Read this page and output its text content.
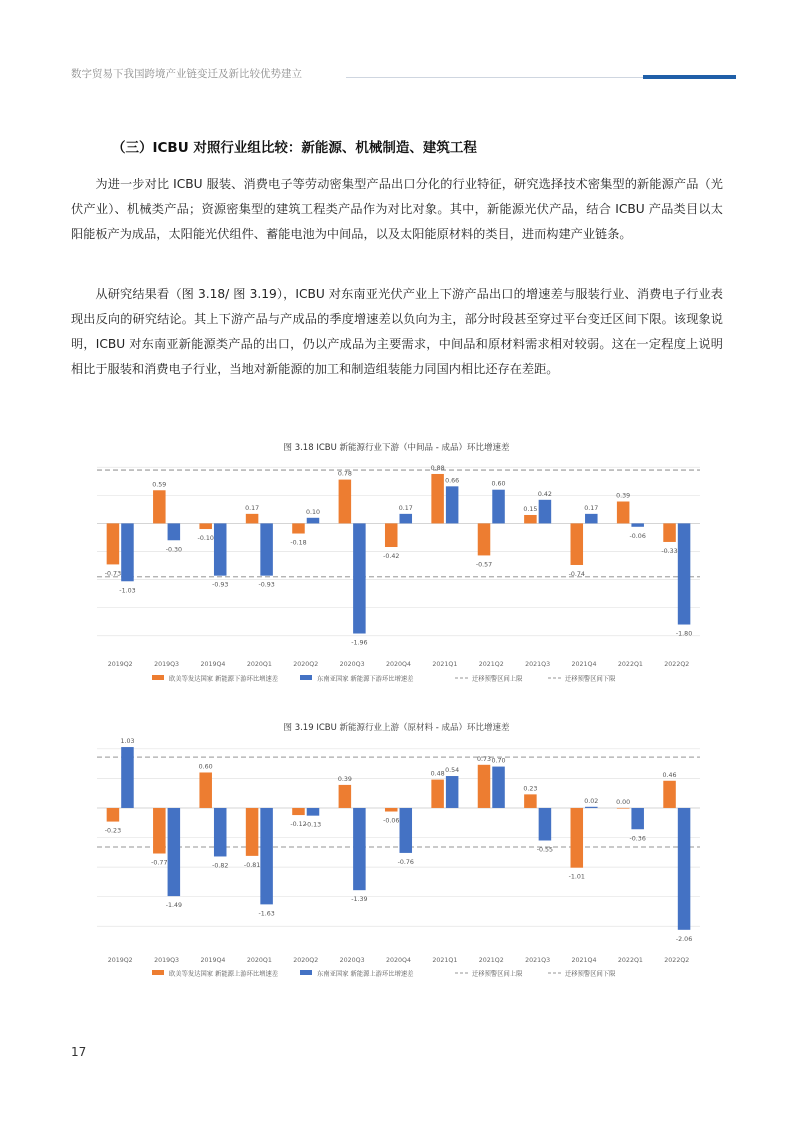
数字贸易下我国跨境产业链变迁及新比较优势建立
（三）ICBU 对照行业组比较：新能源、机械制造、建筑工程
为进一步对比 ICBU 服装、消费电子等劳动密集型产品出口分化的行业特征，研究选择技术密集型的新能源产品（光伏产业）、机械类产品；资源密集型的建筑工程类产品作为对比对象。其中，新能源光伏产品，结合 ICBU 产品类目以太阳能板产为成品，太阳能光伏组件、蓄能电池为中间品，以及太阳能原材料的类目，进而构建产业链条。
从研究结果看（图 3.18/ 图 3.19），ICBU 对东南亚光伏产业上下游产品出口的增速差与服装行业、消费电子行业表现出反向的研究结论。其上下游产品与产成品的季度增速差以负向为主，部分时段甚至穿过平台变迁区间下限。该现象说明，ICBU 对东南亚新能源类产品的出口，仍以产成品为主要需求，中间品和原材料需求相对较弱。这在一定程度上说明相比于服装和消费电子行业，当地对新能源的加工和制造组装能力同国内相比还存在差距。
图 3.18 ICBU 新能源行业下游（中间品 - 成品）环比增速差
图 3.19 ICBU 新能源行业上游（原材料 - 成品）环比增速差
-0.73
0.59
-0.10
0.17
-0.18
0.78
-0.42
0.88
-0.57
0.15
-0.74
0.39
-0.33
-1.03
-0.30
-0.93	-0.93
0.10
-1.96
0.17
0.66	0.60
0.42
0.17
-0.06
-1.80
2019Q2	2019Q3	2019Q4	2020Q1	2020Q2	2020Q3	2020Q4	2021Q1	2021Q2	2021Q3	2021Q4	2022Q1	2022Q2
欧美等发达国家 新能源下游环比增速差	东南亚国家 新能源下游环比增速差	迁移预警区间上限	迁移预警区间下限
-0.23
-0.77
0.60
-0.81
-0.12
0.39
-0.06
0.48
0.73
0.23
-1.01
0.00
0.46
1.03
-1.49
-0.82
-1.63
-0.13
-1.39
-0.76
0.54
0.70
-0.55
0.02
-0.36
-2.06
2019Q2	2019Q3	2019Q4	2020Q1	2020Q2	2020Q3	2020Q4	2021Q1	2021Q2	2021Q3	2021Q4	2022Q1	2022Q2
欧美等发达国家 新能源上游环比增速差	东南亚国家 新能源上游环比增速差	迁移预警区间上限	迁移预警区间下限
17
